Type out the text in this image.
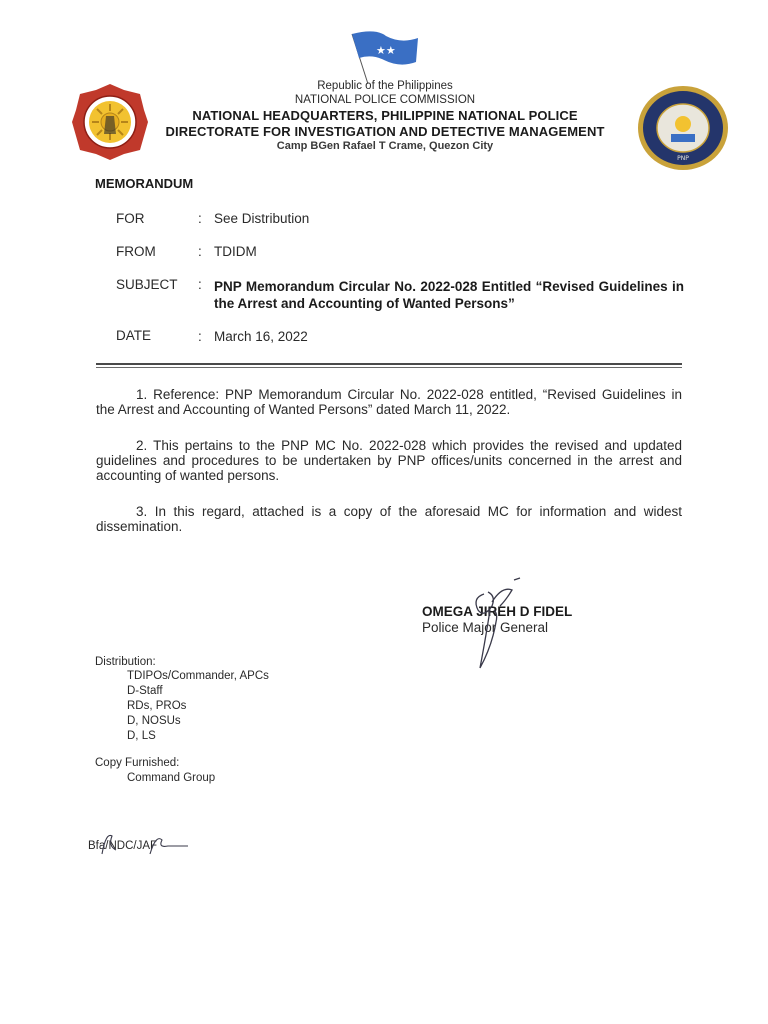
★★
PNP
Republic of the Philippines
NATIONAL POLICE COMMISSION
NATIONAL HEADQUARTERS, PHILIPPINE NATIONAL POLICE
DIRECTORATE FOR INVESTIGATION AND DETECTIVE MANAGEMENT
Camp BGen Rafael T Crame, Quezon City
MEMORANDUM
FOR	: See Distribution
FROM	: TDIDM
SUBJECT : PNP Memorandum Circular No. 2022-028 Entitled “Revised Guidelines in the Arrest and Accounting of Wanted Persons”
DATE	: March 16, 2022
1. Reference: PNP Memorandum Circular No. 2022-028 entitled, “Revised Guidelines in the Arrest and Accounting of Wanted Persons” dated March 11, 2022.
2. This pertains to the PNP MC No. 2022-028 which provides the revised and updated guidelines and procedures to be undertaken by PNP offices/units concerned in the arrest and accounting of wanted persons.
3. In this regard, attached is a copy of the aforesaid MC for information and widest dissemination.
OMEGA JIREH D FIDEL
Police Major General
Distribution:
TDIPOs/Commander, APCs
D-Staff
RDs, PROs
D, NOSUs
D, LS
Copy Furnished:
Command Group
Bfa/NDC/JAF
